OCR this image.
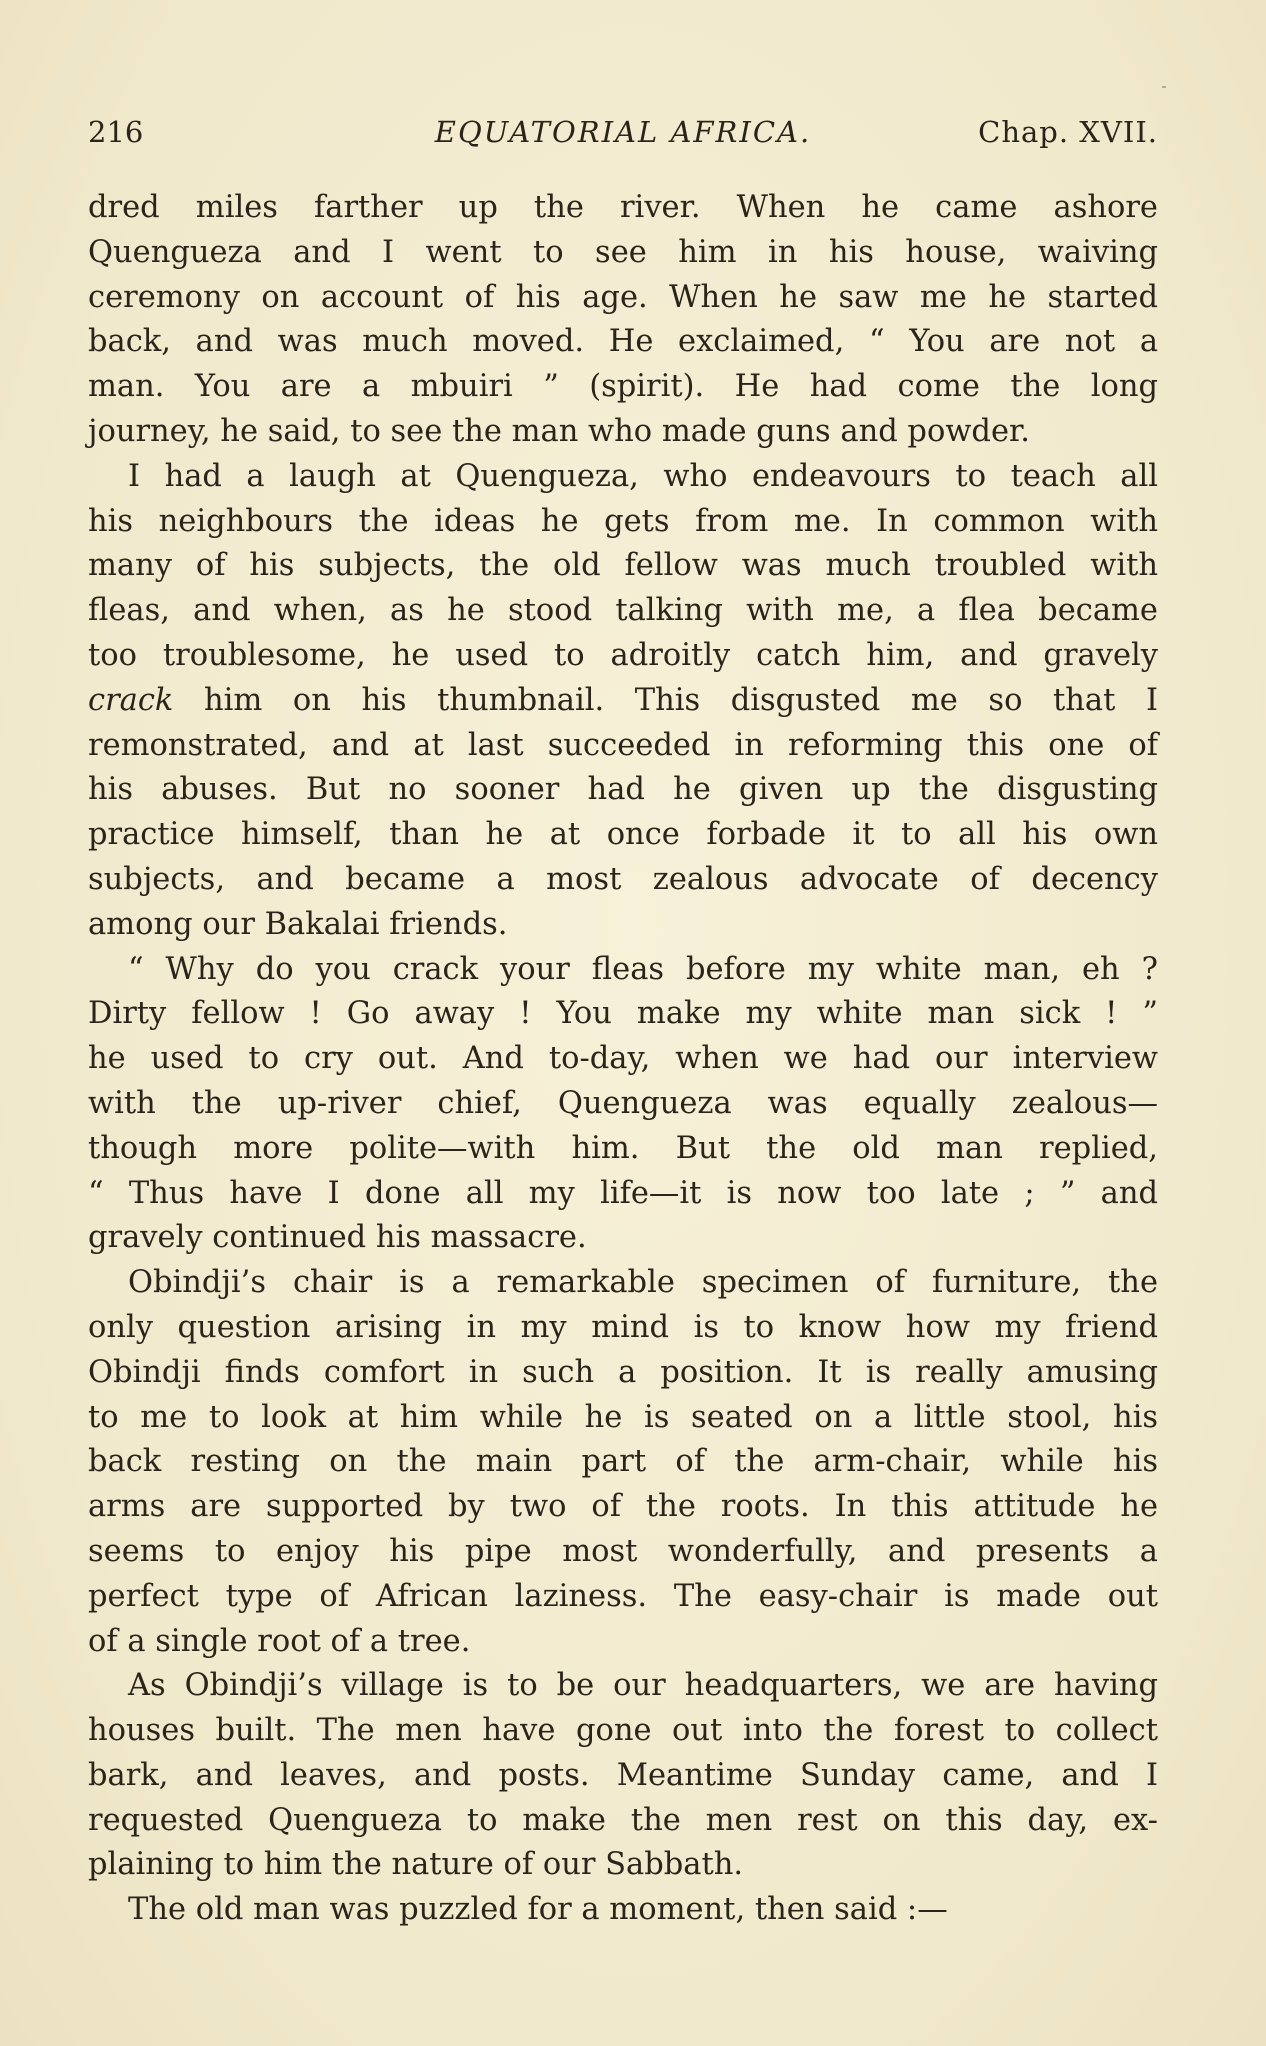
216	EQUATORIAL AFRICA.	Chap. XVII.
dred miles farther up the river. When he came ashore
Quengueza and I went to see him in his house, waiving
ceremony on account of his age. When he saw me he started
back, and was much moved. He exclaimed, “ You are not a
man. You are a mbuiri ” (spirit). He had come the long
journey, he said, to see the man who made guns and powder.
I had a laugh at Quengueza, who endeavours to teach all
his neighbours the ideas he gets from me. In common with
many of his subjects, the old fellow was much troubled with
fleas, and when, as he stood talking with me, a flea became
too troublesome, he used to adroitly catch him, and gravely
crack him on his thumbnail. This disgusted me so that I
remonstrated, and at last succeeded in reforming this one of
his abuses. But no sooner had he given up the disgusting
practice himself, than he at once forbade it to all his own
subjects, and became a most zealous advocate of decency
among our Bakalai friends.
“ Why do you crack your fleas before my white man, eh ?
Dirty fellow ! Go away ! You make my white man sick ! ”
he used to cry out. And to-day, when we had our interview
with the up-river chief, Quengueza was equally zealous—
though more polite—with him. But the old man replied,
“ Thus have I done all my life—it is now too late ; ” and
gravely continued his massacre.
Obindji’s chair is a remarkable specimen of furniture, the
only question arising in my mind is to know how my friend
Obindji finds comfort in such a position. It is really amusing
to me to look at him while he is seated on a little stool, his
back resting on the main part of the arm-chair, while his
arms are supported by two of the roots. In this attitude he
seems to enjoy his pipe most wonderfully, and presents a
perfect type of African laziness. The easy-chair is made out
of a single root of a tree.
As Obindji’s village is to be our headquarters, we are having
houses built. The men have gone out into the forest to collect
bark, and leaves, and posts. Meantime Sunday came, and I
requested Quengueza to make the men rest on this day, ex-
plaining to him the nature of our Sabbath.
The old man was puzzled for a moment, then said :—
